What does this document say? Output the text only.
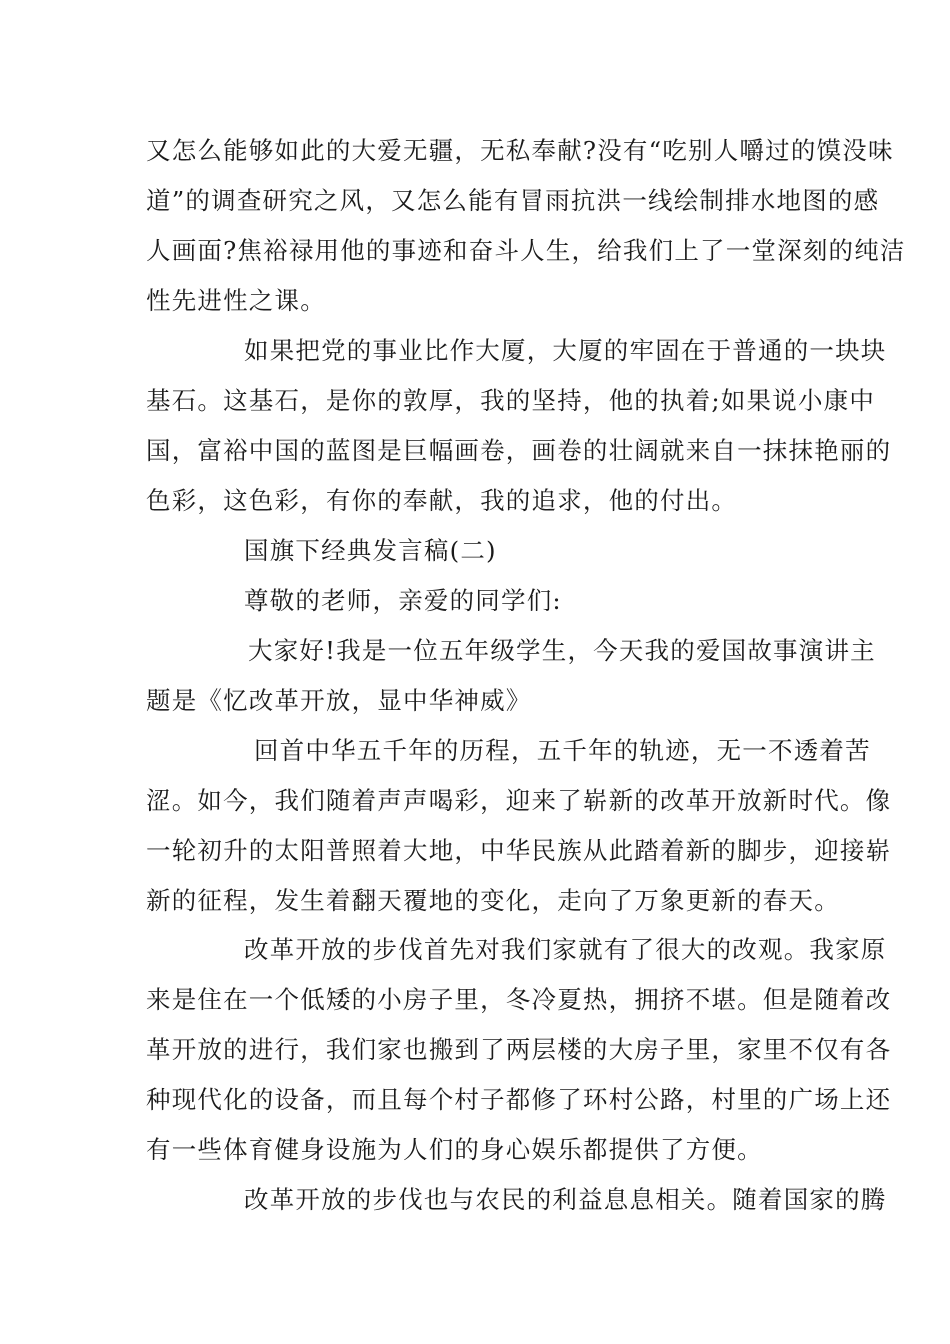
又怎么能够如此的大爱无疆，无私奉献?没有“吃别人嚼过的馍没味
道”的调查研究之风，又怎么能有冒雨抗洪一线绘制排水地图的感
人画面?焦裕禄用他的事迹和奋斗人生，给我们上了一堂深刻的纯洁
性先进性之课。
如果把党的事业比作大厦，大厦的牢固在于普通的一块块
基石。这基石，是你的敦厚，我的坚持，他的执着;如果说小康中
国，富裕中国的蓝图是巨幅画卷，画卷的壮阔就来自一抹抹艳丽的
色彩，这色彩，有你的奉献，我的追求，他的付出。
国旗下经典发言稿(二)
尊敬的老师，亲爱的同学们:
大家好!我是一位五年级学生，今天我的爱国故事演讲主
题是《忆改革开放，显中华神威》
回首中华五千年的历程，五千年的轨迹，无一不透着苦
涩。如今，我们随着声声喝彩，迎来了崭新的改革开放新时代。像
一轮初升的太阳普照着大地，中华民族从此踏着新的脚步，迎接崭
新的征程，发生着翻天覆地的变化，走向了万象更新的春天。
改革开放的步伐首先对我们家就有了很大的改观。我家原
来是住在一个低矮的小房子里，冬冷夏热，拥挤不堪。但是随着改
革开放的进行，我们家也搬到了两层楼的大房子里，家里不仅有各
种现代化的设备，而且每个村子都修了环村公路，村里的广场上还
有一些体育健身设施为人们的身心娱乐都提供了方便。
改革开放的步伐也与农民的利益息息相关。随着国家的腾
